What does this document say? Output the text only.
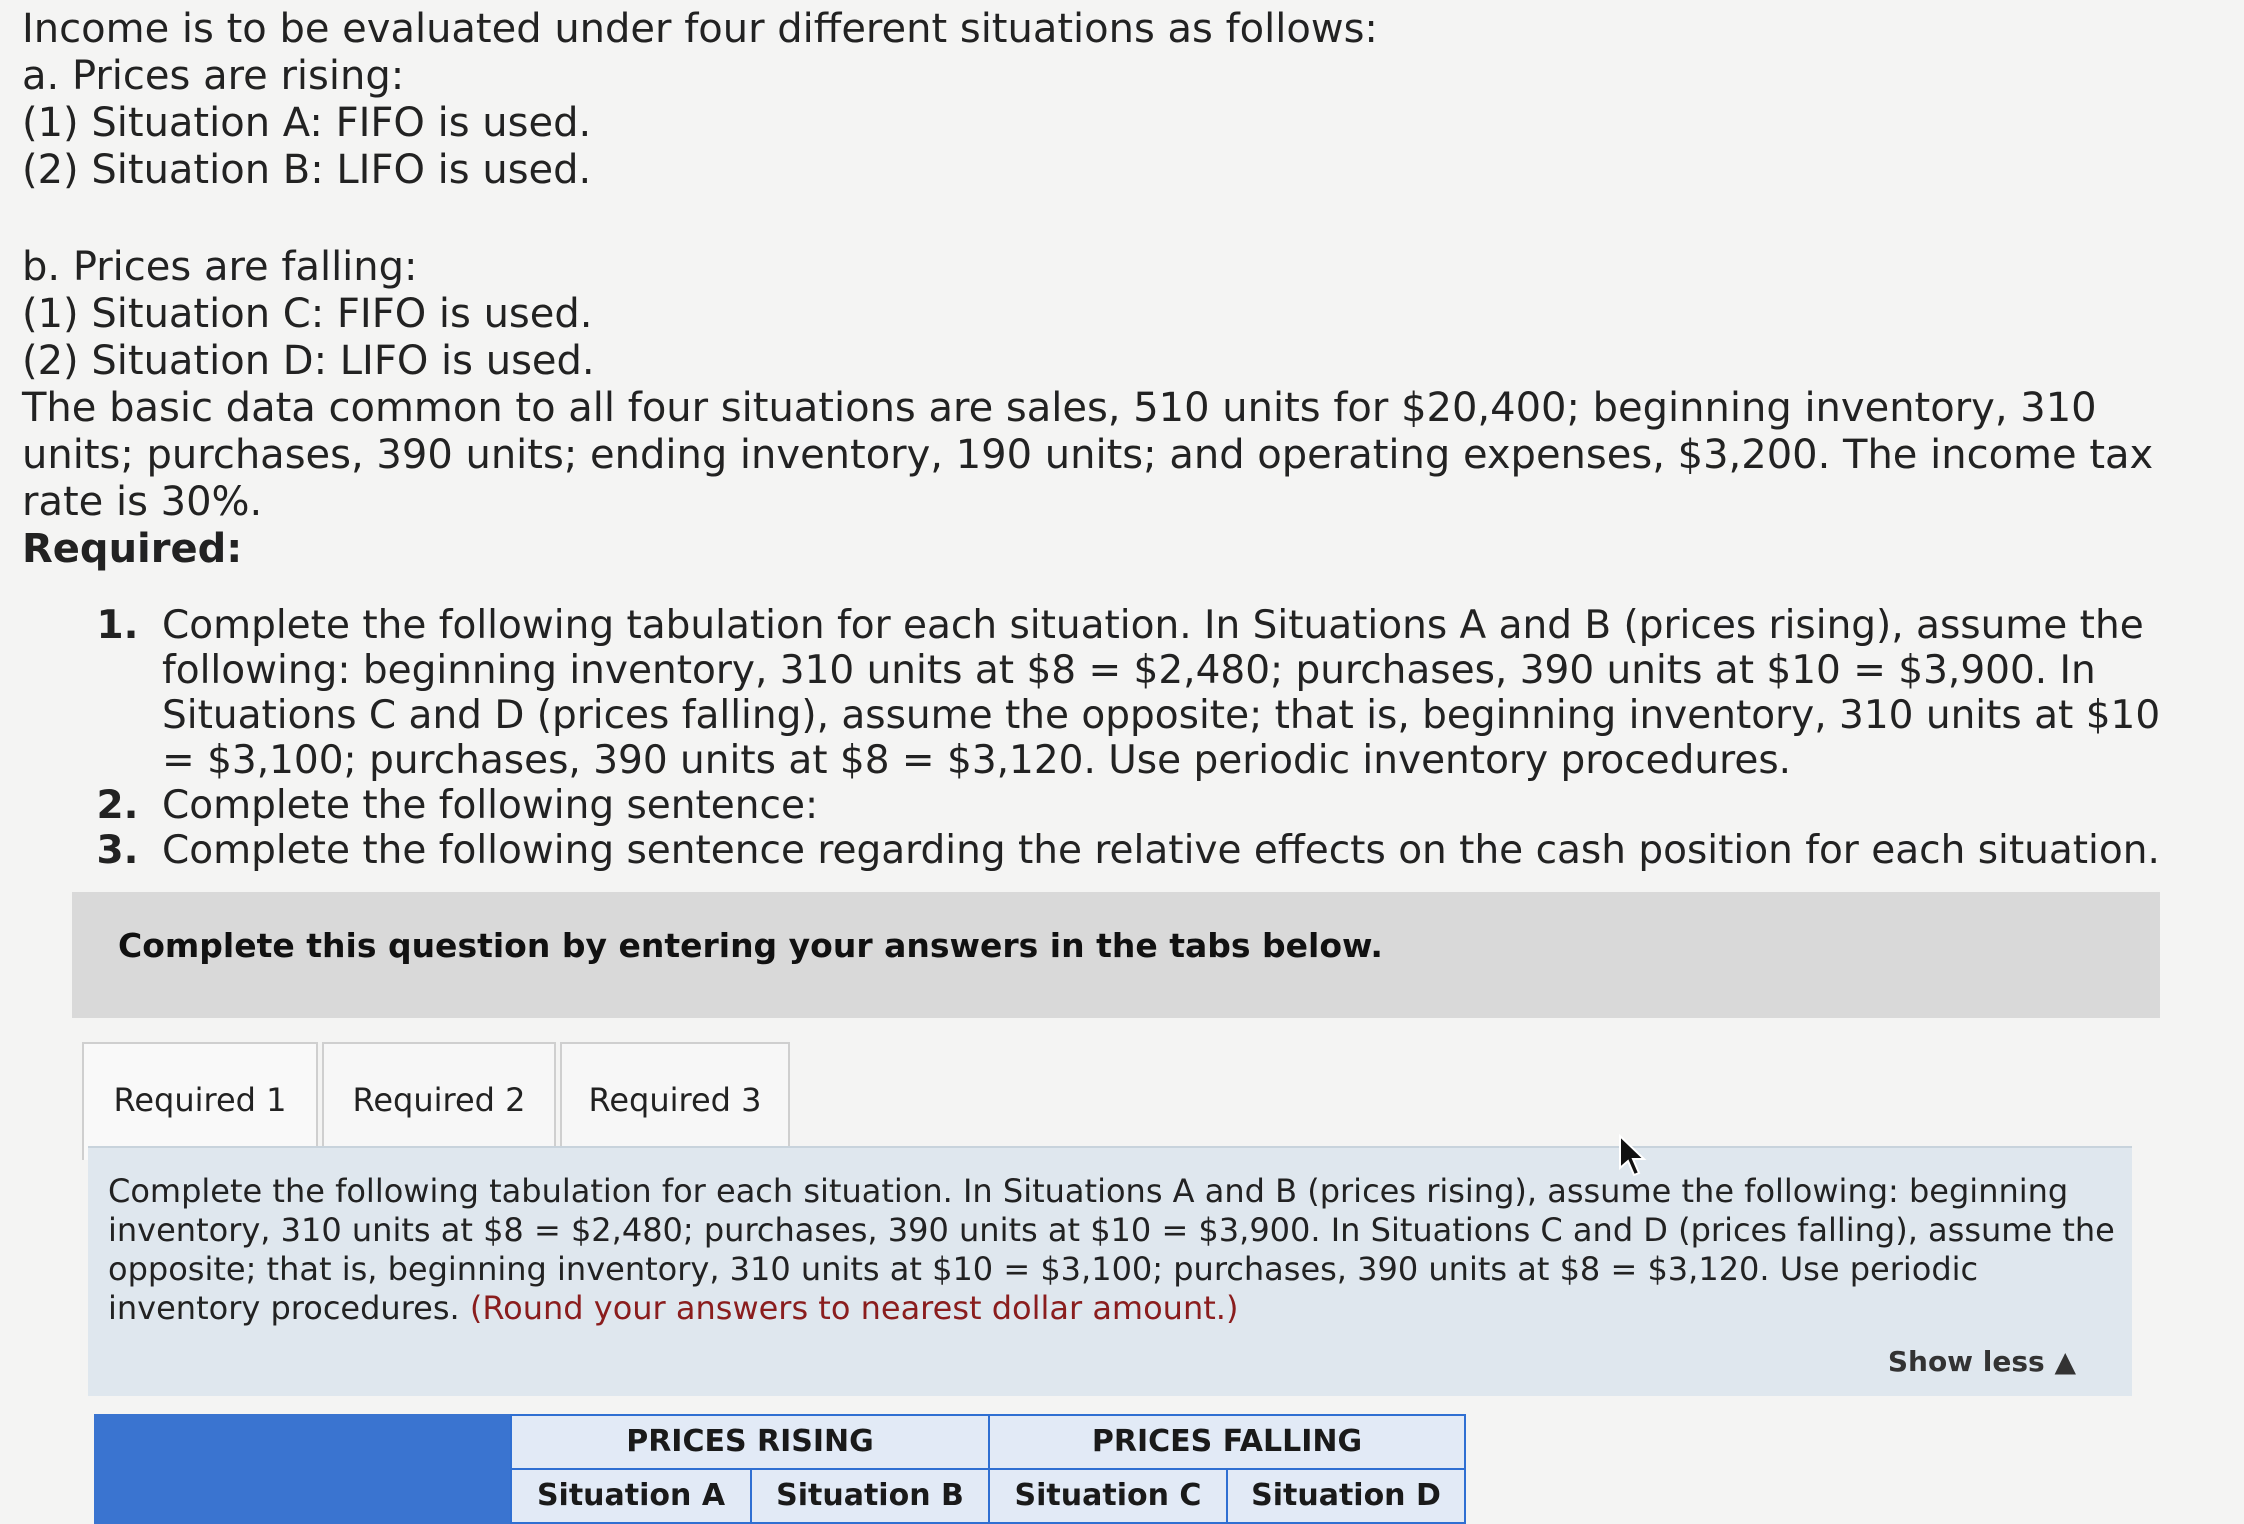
Income is to be evaluated under four different situations as follows:

a. Prices are rising:

(1) Situation A: FIFO is used.

(2) Situation B: LIFO is used.

b. Prices are falling:

(1) Situation C: FIFO is used.

(2) Situation D: LIFO is used.

The basic data common to all four situations are sales, 510 units for $20,400; beginning inventory, 310 units; purchases, 390 units; ending inventory, 190 units; and operating expenses, $3,200. The income tax rate is 30%.

Required:

1. Complete the following tabulation for each situation. In Situations A and B (prices rising), assume the following: beginning inventory, 310 units at $8 = $2,480; purchases, 390 units at $10 = $3,900. In Situations C and D (prices falling), assume the opposite; that is, beginning inventory, 310 units at $10 = $3,100; purchases, 390 units at $8 = $3,120. Use periodic inventory procedures.
2. Complete the following sentence:
3. Complete the following sentence regarding the relative effects on the cash position for each situation.
Complete this question by entering your answers in the tabs below.
Required 1	Required 2	Required 3
Complete the following tabulation for each situation. In Situations A and B (prices rising), assume the following: beginning inventory, 310 units at $8 = $2,480; purchases, 390 units at $10 = $3,900. In Situations C and D (prices falling), assume the opposite; that is, beginning inventory, 310 units at $10 = $3,100; purchases, 390 units at $8 = $3,120. Use periodic inventory procedures. (Round your answers to nearest dollar amount.)
Show less ▲
PRICES RISING	PRICES FALLING
Situation A	Situation B	Situation C	Situation D
